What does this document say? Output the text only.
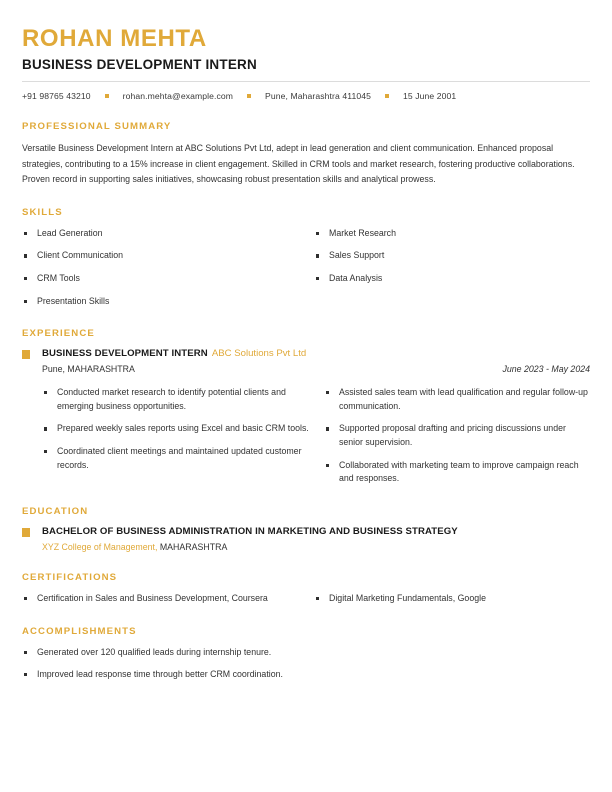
ROHAN MEHTA
BUSINESS DEVELOPMENT INTERN
+91 98765 43210	rohan.mehta@example.com	Pune, Maharashtra 411045	15 June 2001
PROFESSIONAL SUMMARY

Versatile Business Development Intern at ABC Solutions Pvt Ltd, adept in lead generation and client communication. Enhanced proposal strategies, contributing to a 15% increase in client engagement. Skilled in CRM tools and market research, fostering productive collaborations. Proven record in supporting sales initiatives, showcasing robust presentation skills and analytical prowess.

SKILLS
Lead Generation
Client Communication
CRM Tools
Presentation Skills
Market Research
Sales Support
Data Analysis
EXPERIENCE

BUSINESS DEVELOPMENT INTERN ABC Solutions Pvt Ltd

Pune, MAHARASHTRA	June 2023 - May 2024
Conducted market research to identify potential clients and emerging business opportunities.
Prepared weekly sales reports using Excel and basic CRM tools.
Coordinated client meetings and maintained updated customer records.
Assisted sales team with lead qualification and regular follow-up communication.
Supported proposal drafting and pricing discussions under senior supervision.
Collaborated with marketing team to improve campaign reach and responses.
EDUCATION

BACHELOR OF BUSINESS ADMINISTRATION IN MARKETING AND BUSINESS STRATEGY

XYZ College of Management, MAHARASHTRA
CERTIFICATIONS
Certification in Sales and Business Development, Coursera	Digital Marketing Fundamentals, Google
ACCOMPLISHMENTS
Generated over 120 qualified leads during internship tenure.
Improved lead response time through better CRM coordination.
